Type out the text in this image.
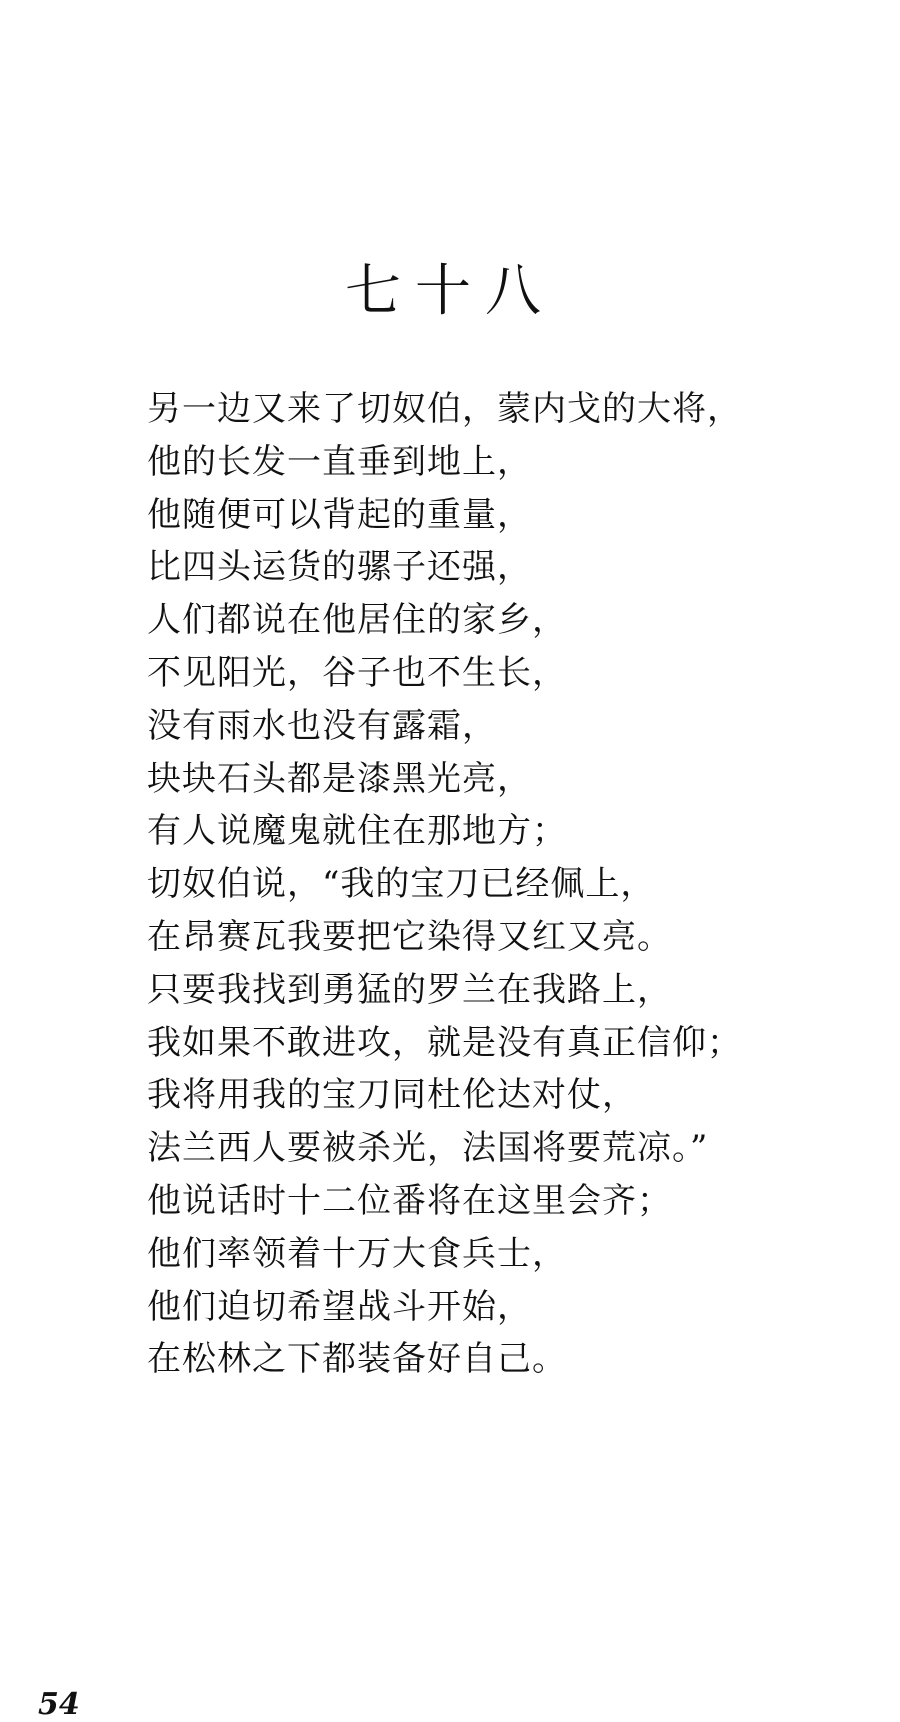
七十八
另一边又来了切奴伯，蒙内戈的大将，
他的长发一直垂到地上，
他随便可以背起的重量，
比四头运货的骡子还强，
人们都说在他居住的家乡，
不见阳光，谷子也不生长，
没有雨水也没有露霜，
块块石头都是漆黑光亮，
有人说魔鬼就住在那地方；
切奴伯说，“我的宝刀已经佩上，
在昂赛瓦我要把它染得又红又亮。
只要我找到勇猛的罗兰在我路上，
我如果不敢进攻，就是没有真正信仰；
我将用我的宝刀同杜伦达对仗，
法兰西人要被杀光，法国将要荒凉。”
他说话时十二位番将在这里会齐；
他们率领着十万大食兵士，
他们迫切希望战斗开始，
在松林之下都装备好自己。
54
